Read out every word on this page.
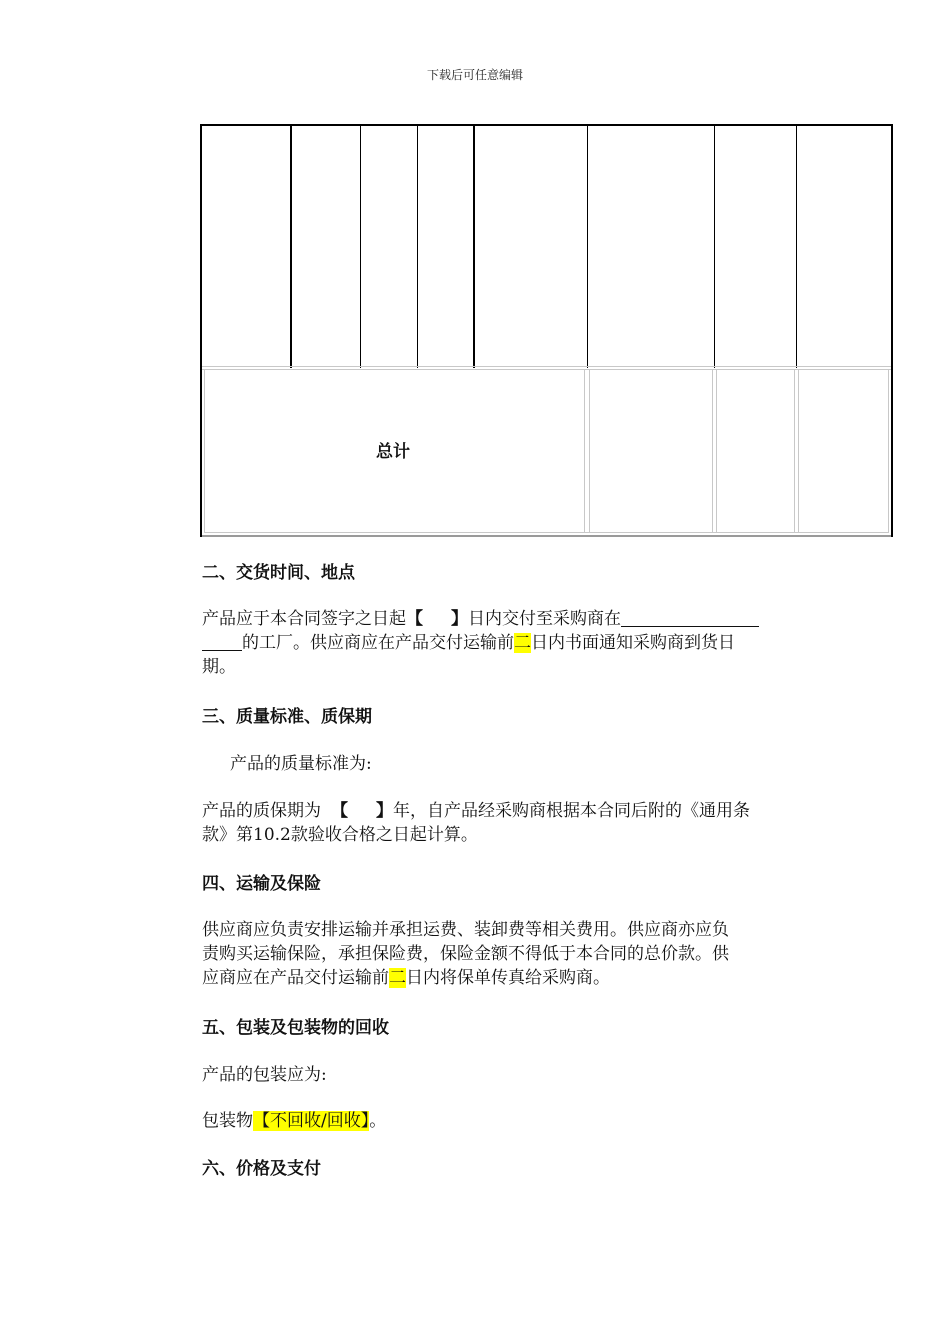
下载后可任意编辑
总计
二、交货时间、地点
产品应于本合同签字之日起【 】日内交付至采购商在
的工厂。供应商应在产品交付运输前二日内书面通知采购商到货日
期。
三、质量标准、质保期
产品的质量标准为:
产品的质保期为 【 】年，自产品经采购商根据本合同后附的《通用条
款》第10.2款验收合格之日起计算。
四、运输及保险
供应商应负责安排运输并承担运费、装卸费等相关费用。供应商亦应负
责购买运输保险，承担保险费，保险金额不得低于本合同的总价款。供
应商应在产品交付运输前二日内将保单传真给采购商。
五、包装及包装物的回收
产品的包装应为:
包装物【不回收/回收】。
六、价格及支付
